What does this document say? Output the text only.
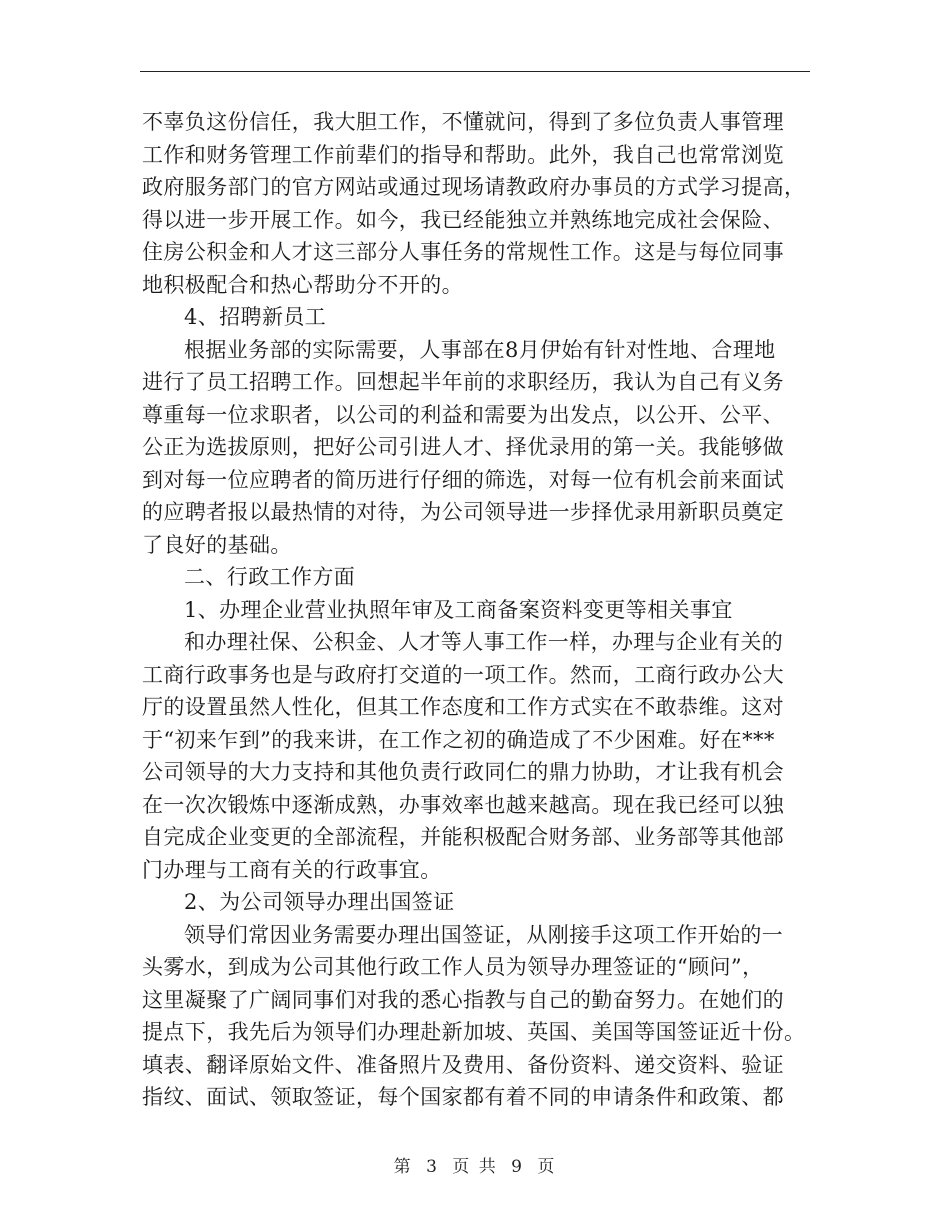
不辜负这份信任，我大胆工作，不懂就问，得到了多位负责人事管理
工作和财务管理工作前辈们的指导和帮助。此外，我自己也常常浏览
政府服务部门的官方网站或通过现场请教政府办事员的方式学习提高，
得以进一步开展工作。如今，我已经能独立并熟练地完成社会保险、
住房公积金和人才这三部分人事任务的常规性工作。这是与每位同事
地积极配合和热心帮助分不开的。
4、招聘新员工
根据业务部的实际需要，人事部在8月伊始有针对性地、合理地
进行了员工招聘工作。回想起半年前的求职经历，我认为自己有义务
尊重每一位求职者，以公司的利益和需要为出发点，以公开、公平、
公正为选拔原则，把好公司引进人才、择优录用的第一关。我能够做
到对每一位应聘者的简历进行仔细的筛选，对每一位有机会前来面试
的应聘者报以最热情的对待，为公司领导进一步择优录用新职员奠定
了良好的基础。
二、行政工作方面
1、办理企业营业执照年审及工商备案资料变更等相关事宜
和办理社保、公积金、人才等人事工作一样，办理与企业有关的
工商行政事务也是与政府打交道的一项工作。然而，工商行政办公大
厅的设置虽然人性化，但其工作态度和工作方式实在不敢恭维。这对
于“初来乍到”的我来讲，在工作之初的确造成了不少困难。好在***
公司领导的大力支持和其他负责行政同仁的鼎力协助，才让我有机会
在一次次锻炼中逐渐成熟，办事效率也越来越高。现在我已经可以独
自完成企业变更的全部流程，并能积极配合财务部、业务部等其他部
门办理与工商有关的行政事宜。
2、为公司领导办理出国签证
领导们常因业务需要办理出国签证，从刚接手这项工作开始的一
头雾水，到成为公司其他行政工作人员为领导办理签证的“顾问”，
这里凝聚了广阔同事们对我的悉心指教与自己的勤奋努力。在她们的
提点下，我先后为领导们办理赴新加坡、英国、美国等国签证近十份。
填表、翻译原始文件、准备照片及费用、备份资料、递交资料、验证
指纹、面试、领取签证，每个国家都有着不同的申请条件和政策、都
第 3 页 共 9 页
